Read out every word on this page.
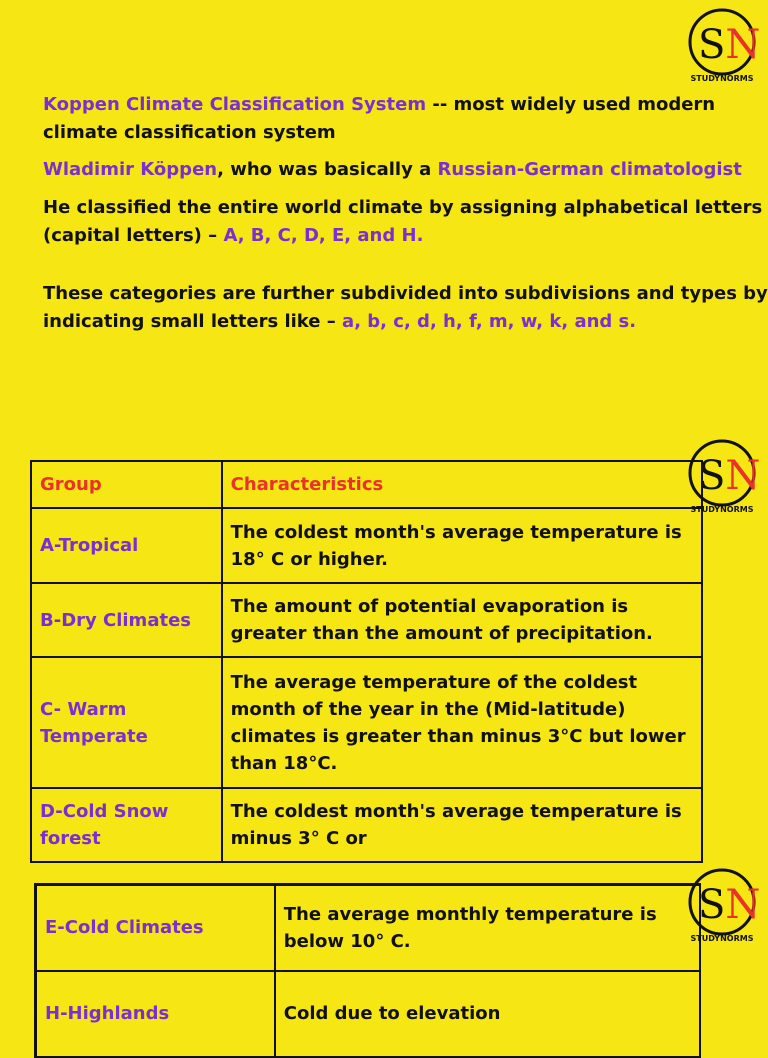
SN
STUDYNORMS
SN
STUDYNORMS
SN
STUDYNORMS

Koppen Climate Classification System -- most widely used modern climate classification system

Wladimir Köppen, who was basically a Russian-German climatologist

He classified the entire world climate by assigning alphabetical letters (capital letters) – A, B, C, D, E, and H.

These categories are further subdivided into subdivisions and types by indicating small letters like – a, b, c, d, h, f, m, w, k, and s.

Group	Characteristics
A-Tropical	The coldest month's average temperature is 18° C or higher.
B-Dry Climates	The amount of potential evaporation is greater than the amount of precipitation.
C- Warm Temperate	The average temperature of the coldest month of the year in the (Mid-latitude) climates is greater than minus 3°C but lower than 18°C.
D-Cold Snow forest	The coldest month's average temperature is minus 3° C or
E-Cold Climates	The average monthly temperature is below 10° C.
H-Highlands	Cold due to elevation
